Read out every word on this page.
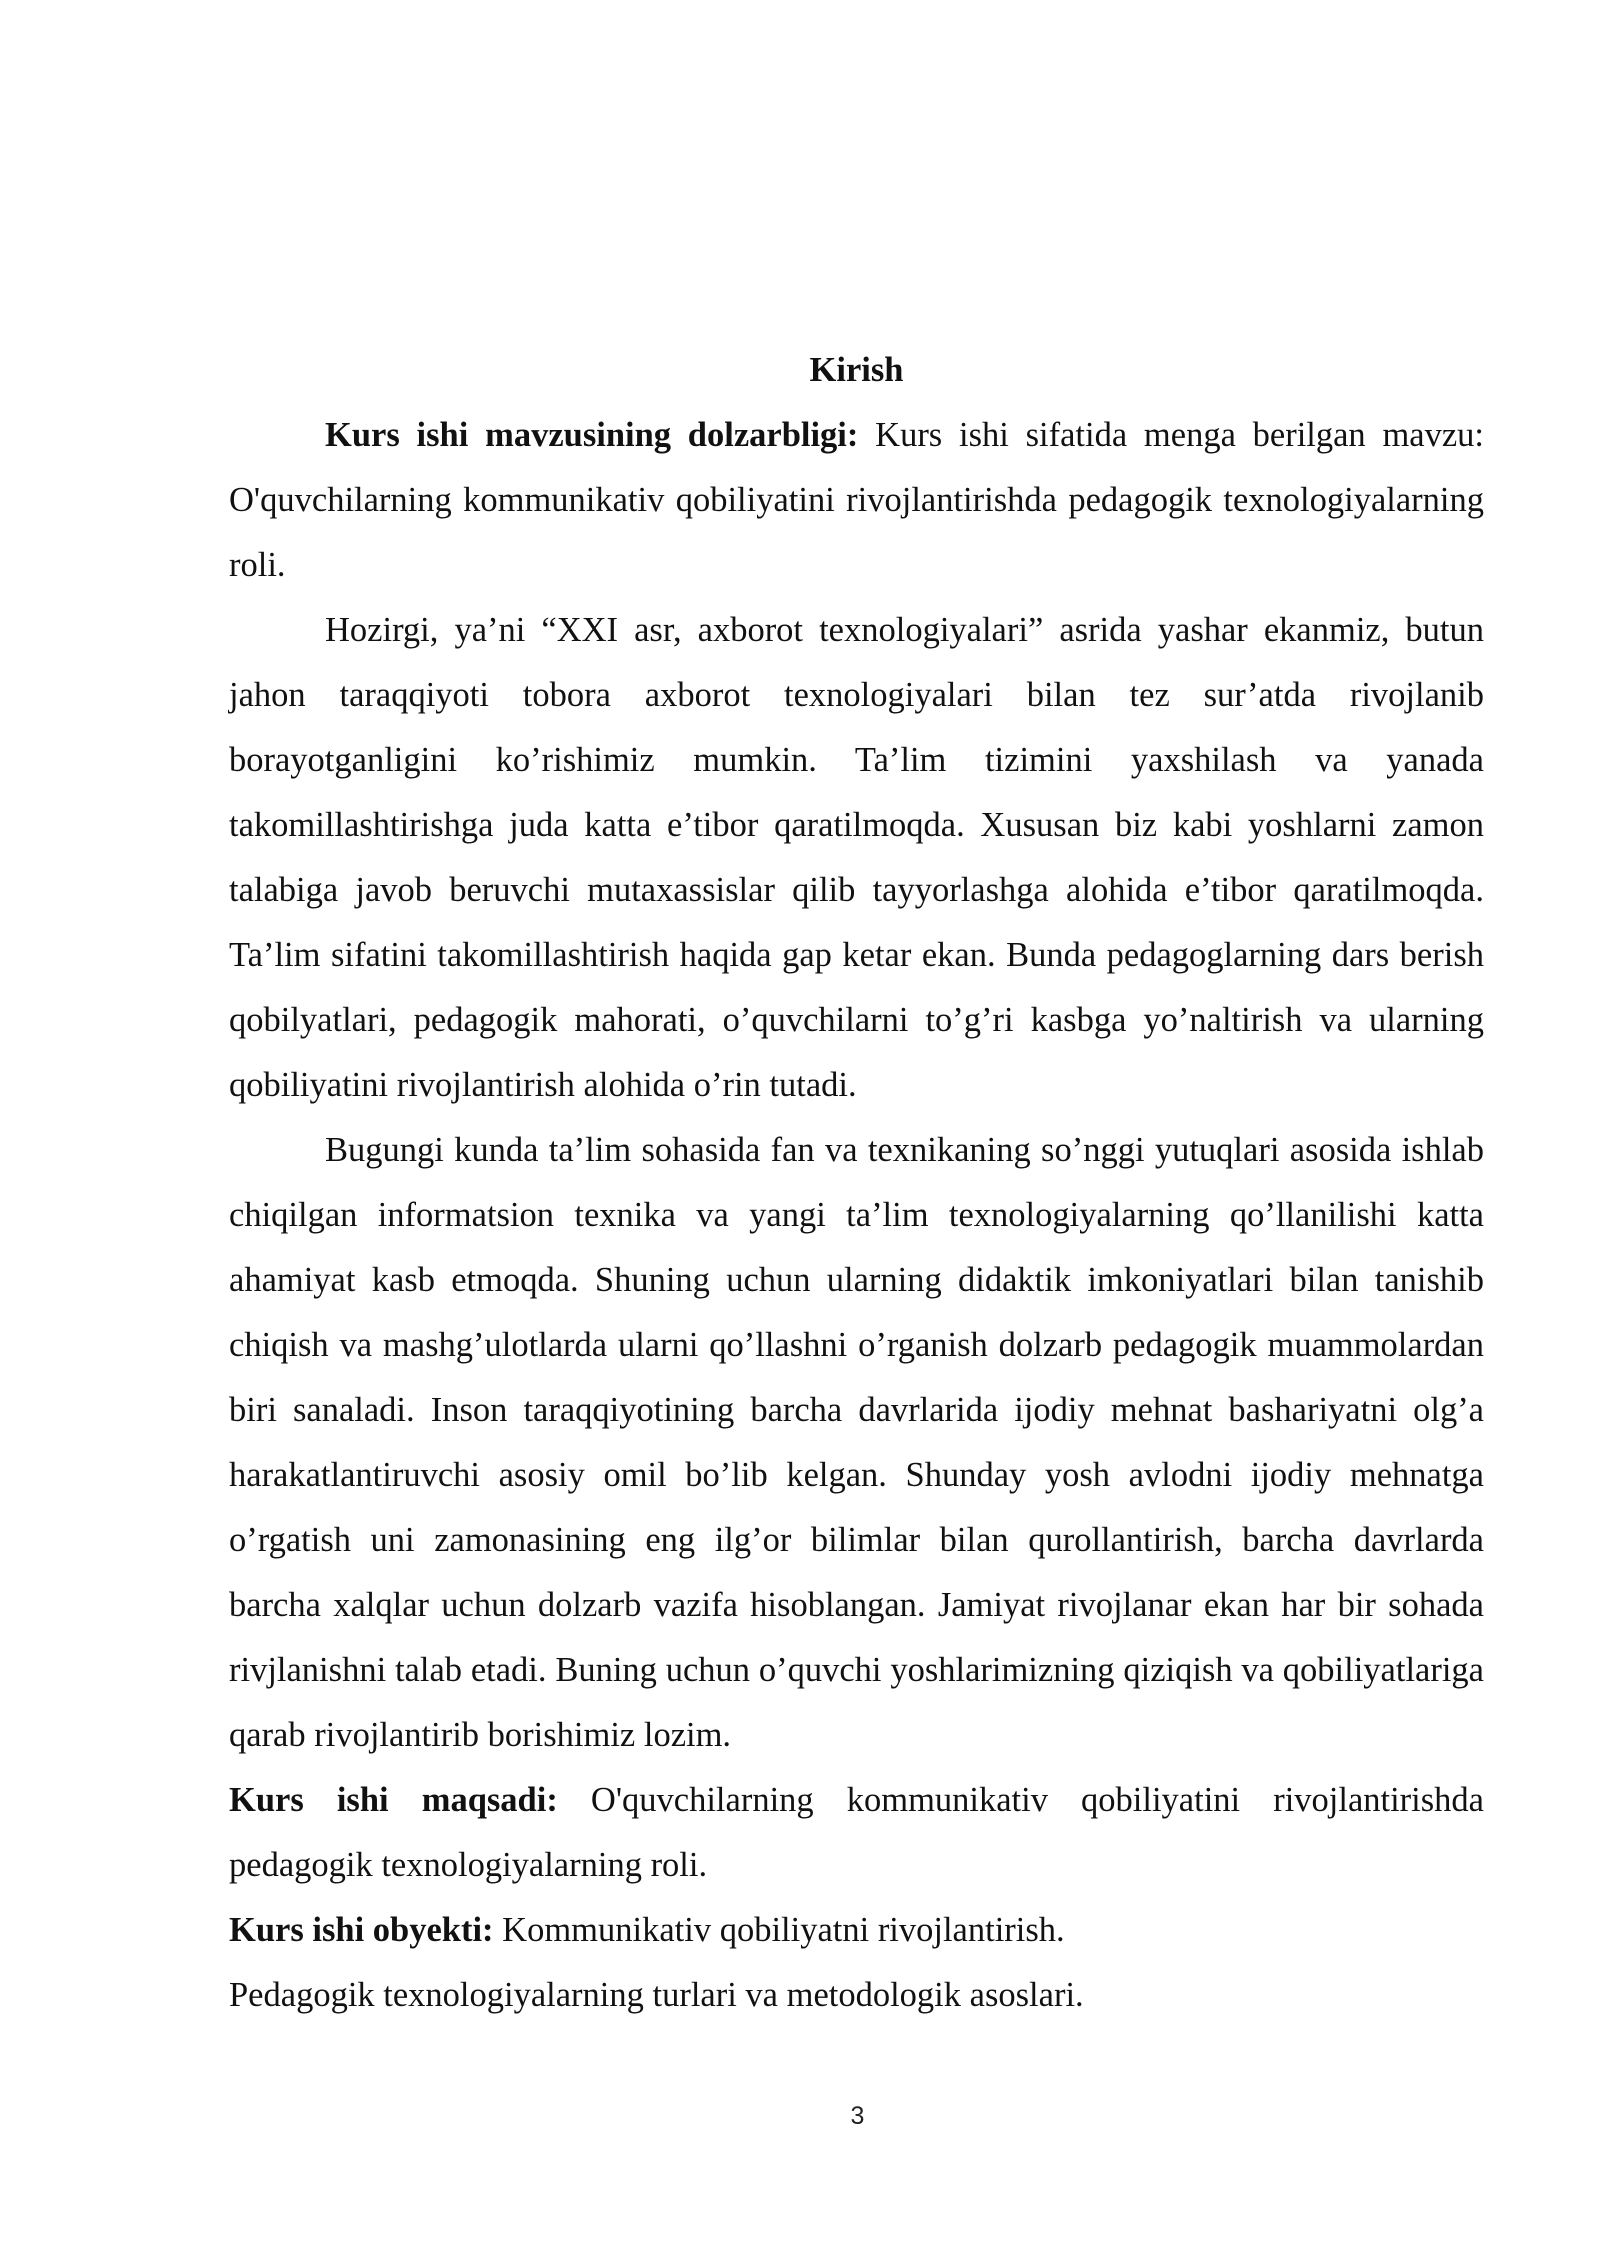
Kirish

Kurs ishi mavzusining dolzarbligi: Kurs ishi sifatida menga berilgan mavzu: O'quvchilarning kommunikativ qobiliyatini rivojlantirishda pedagogik texnologiyalarning roli.

Hozirgi, ya’ni “XXI asr, axborot texnologiyalari” asrida yashar ekanmiz, butun jahon taraqqiyoti tobora axborot texnologiyalari bilan tez sur’atda rivojlanib borayotganligini ko’rishimiz mumkin. Ta’lim tizimini yaxshilash va yanada takomillashtirishga juda katta e’tibor qaratilmoqda. Xususan biz kabi yoshlarni zamon talabiga javob beruvchi mutaxassislar qilib tayyorlashga alohida e’tibor qaratilmoqda. Ta’lim sifatini takomillashtirish haqida gap ketar ekan. Bunda pedagoglarning dars berish qobilyatlari, pedagogik mahorati, o’quvchilarni to’g’ri kasbga yo’naltirish va ularning qobiliyatini rivojlantirish alohida o’rin tutadi.

Bugungi kunda ta’lim sohasida fan va texnikaning so’nggi yutuqlari asosida ishlab chiqilgan informatsion texnika va yangi ta’lim texnologiyalarning qo’llanilishi katta ahamiyat kasb etmoqda. Shuning uchun ularning didaktik imkoniyatlari bilan tanishib chiqish va mashg’ulotlarda ularni qo’llashni o’rganish dolzarb pedagogik muammolardan biri sanaladi. Inson taraqqiyotining barcha davrlarida ijodiy mehnat bashariyatni olg’a harakatlantiruvchi asosiy omil bo’lib kelgan. Shunday yosh avlodni ijodiy mehnatga o’rgatish uni zamonasining eng ilg’or bilimlar bilan qurollantirish, barcha davrlarda barcha xalqlar uchun dolzarb vazifa hisoblangan. Jamiyat rivojlanar ekan har bir sohada rivjlanishni talab etadi. Buning uchun o’quvchi yoshlarimizning qiziqish va qobiliyatlariga qarab rivojlantirib borishimiz lozim.

Kurs ishi maqsadi: O'quvchilarning kommunikativ qobiliyatini rivojlantirishda pedagogik texnologiyalarning roli.

Kurs ishi obyekti: Kommunikativ qobiliyatni rivojlantirish.

Pedagogik texnologiyalarning turlari va metodologik asoslari.

3
